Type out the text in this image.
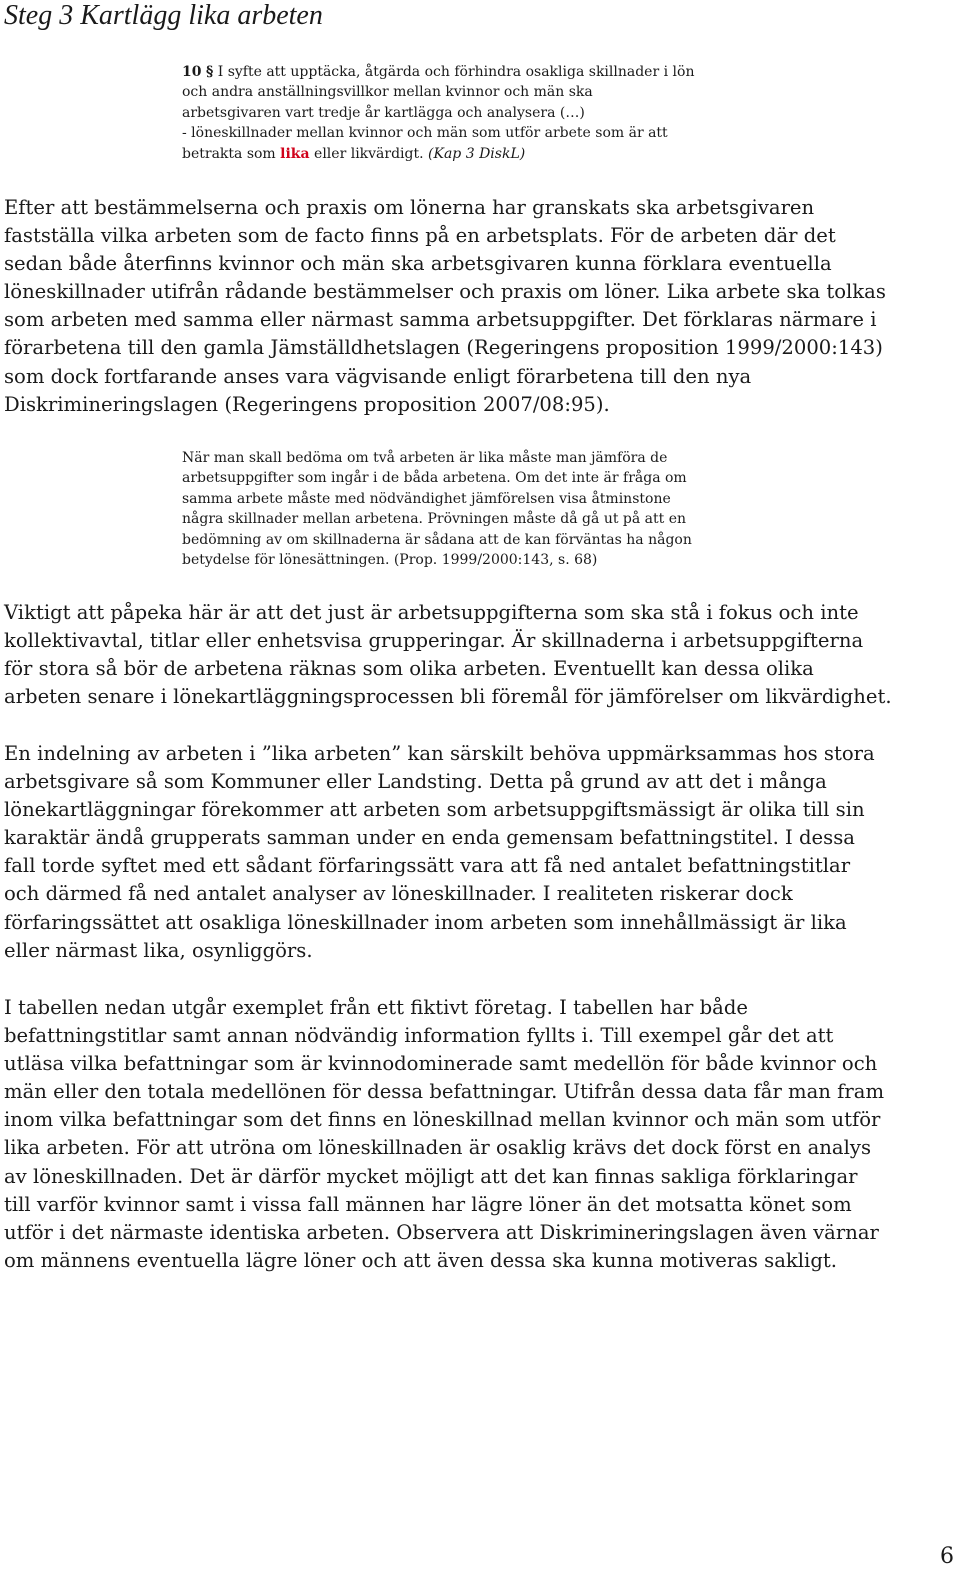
Steg 3 Kartlägg lika arbeten
10 § I syfte att upptäcka, åtgärda och förhindra osakliga skillnader i lön
och andra anställningsvillkor mellan kvinnor och män ska
arbetsgivaren vart tredje år kartlägga och analysera (…)
- löneskillnader mellan kvinnor och män som utför arbete som är att
betrakta som lika eller likvärdigt. (Kap 3 DiskL)

Efter att bestämmelserna och praxis om lönerna har granskats ska arbetsgivaren
fastställa vilka arbeten som de facto finns på en arbetsplats. För de arbeten där det
sedan både återfinns kvinnor och män ska arbetsgivaren kunna förklara eventuella
löneskillnader utifrån rådande bestämmelser och praxis om löner. Lika arbete ska tolkas
som arbeten med samma eller närmast samma arbetsuppgifter. Det förklaras närmare i
förarbetena till den gamla Jämställdhetslagen (Regeringens proposition 1999/2000:143)
som dock fortfarande anses vara vägvisande enligt förarbetena till den nya
Diskrimineringslagen (Regeringens proposition 2007/08:95).

När man skall bedöma om två arbeten är lika måste man jämföra de
arbetsuppgifter som ingår i de båda arbetena. Om det inte är fråga om
samma arbete måste med nödvändighet jämförelsen visa åtminstone
några skillnader mellan arbetena. Prövningen måste då gå ut på att en
bedömning av om skillnaderna är sådana att de kan förväntas ha någon
betydelse för lönesättningen. (Prop. 1999/2000:143, s. 68)

Viktigt att påpeka här är att det just är arbetsuppgifterna som ska stå i fokus och inte
kollektivavtal, titlar eller enhetsvisa grupperingar. Är skillnaderna i arbetsuppgifterna
för stora så bör de arbetena räknas som olika arbeten. Eventuellt kan dessa olika
arbeten senare i lönekartläggningsprocessen bli föremål för jämförelser om likvärdighet.

En indelning av arbeten i ”lika arbeten” kan särskilt behöva uppmärksammas hos stora
arbetsgivare så som Kommuner eller Landsting. Detta på grund av att det i många
lönekartläggningar förekommer att arbeten som arbetsuppgiftsmässigt är olika till sin
karaktär ändå grupperats samman under en enda gemensam befattningstitel. I dessa
fall torde syftet med ett sådant förfaringssätt vara att få ned antalet befattningstitlar
och därmed få ned antalet analyser av löneskillnader. I realiteten riskerar dock
förfaringssättet att osakliga löneskillnader inom arbeten som innehållmässigt är lika
eller närmast lika, osynliggörs.

I tabellen nedan utgår exemplet från ett fiktivt företag. I tabellen har både
befattningstitlar samt annan nödvändig information fyllts i. Till exempel går det att
utläsa vilka befattningar som är kvinnodominerade samt medellön för både kvinnor och
män eller den totala medellönen för dessa befattningar. Utifrån dessa data får man fram
inom vilka befattningar som det finns en löneskillnad mellan kvinnor och män som utför
lika arbeten. För att utröna om löneskillnaden är osaklig krävs det dock först en analys
av löneskillnaden. Det är därför mycket möjligt att det kan finnas sakliga förklaringar
till varför kvinnor samt i vissa fall männen har lägre löner än det motsatta könet som
utför i det närmaste identiska arbeten. Observera att Diskrimineringslagen även värnar
om männens eventuella lägre löner och att även dessa ska kunna motiveras sakligt.

6
